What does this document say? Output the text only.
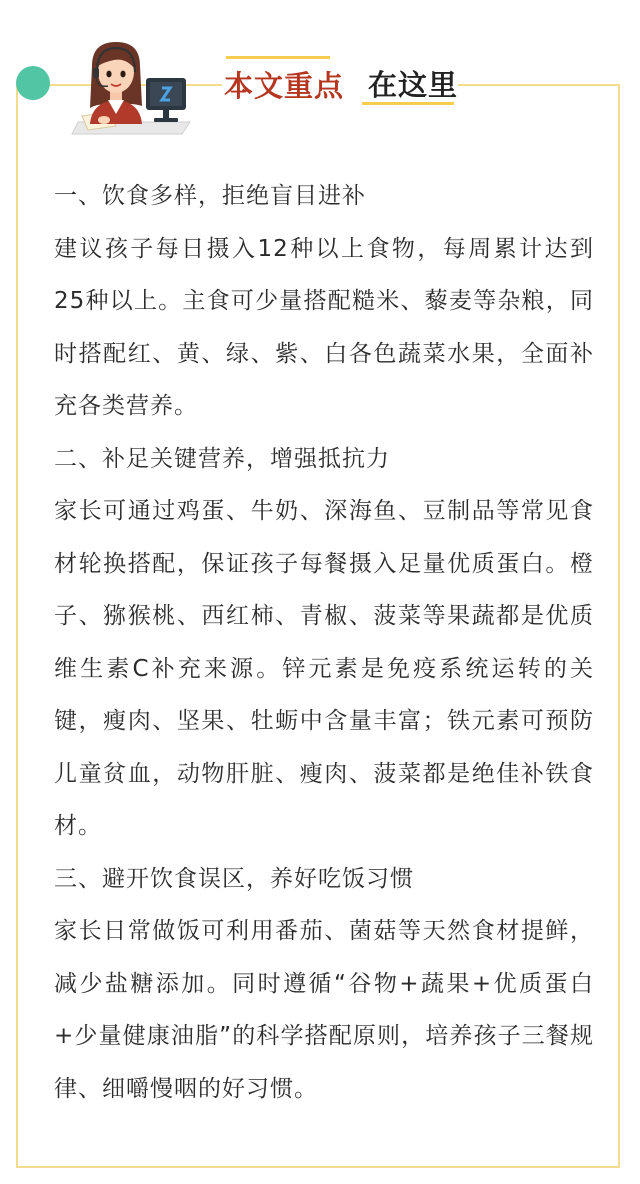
本文重点 在这里

一、饮食多样，拒绝盲目进补

建议孩子每日摄入12种以上食物，每周累计达到25种以上。主食可少量搭配糙米、藜麦等杂粮，同时搭配红、黄、绿、紫、白各色蔬菜水果，全面补充各类营养。

二、补足关键营养，增强抵抗力

家长可通过鸡蛋、牛奶、深海鱼、豆制品等常见食材轮换搭配，保证孩子每餐摄入足量优质蛋白。橙子、猕猴桃、西红柿、青椒、菠菜等果蔬都是优质维生素C补充来源。锌元素是免疫系统运转的关键，瘦肉、坚果、牡蛎中含量丰富；铁元素可预防儿童贫血，动物肝脏、瘦肉、菠菜都是绝佳补铁食材。

三、避开饮食误区，养好吃饭习惯

家长日常做饭可利用番茄、菌菇等天然食材提鲜，减少盐糖添加。同时遵循“谷物+蔬果+优质蛋白+少量健康油脂”的科学搭配原则，培养孩子三餐规律、细嚼慢咽的好习惯。
